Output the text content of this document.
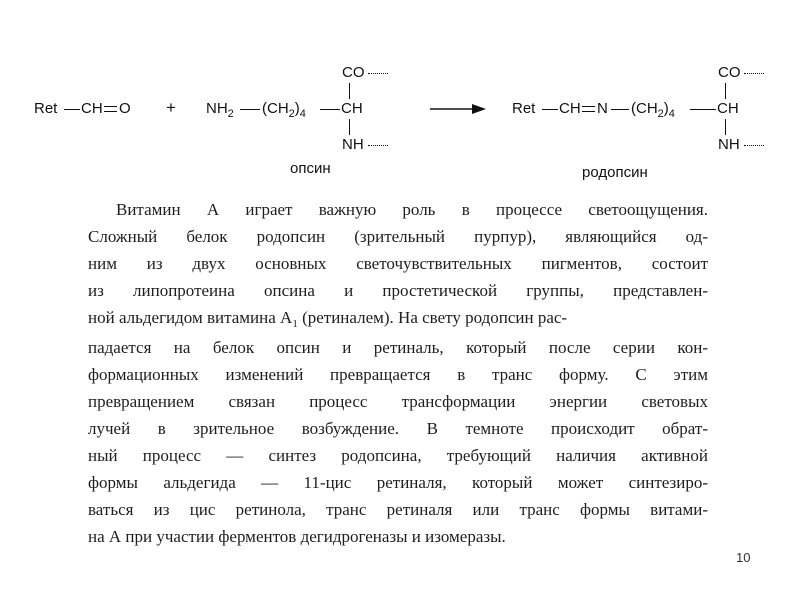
Ret CH O +
CO
$NH_2$ $(CH_2)_4$ CH
NH
опсин
CO
Ret CH N $(CH_2)_4$	CH
NH
родопсин
Витамин А играет важную роль в процессе светоощущения.
Сложный белок родопсин (зрительный пурпур), являющийся од-
ним из двух основных светочувствительных пигментов, состоит
из липопротеина опсина и простетической группы, представлен-
ной альдегидом витамина $А_1$ (ретиналем). На свету родопсин рас-
падается на белок опсин и ретиналь, который после серии кон-
формационных изменений превращается в транс форму. С этим
превращением связан процесс трансформации энергии световых
лучей в зрительное возбуждение. В темноте происходит обрат-
ный процесс — синтез родопсина, требующий наличия активной
формы альдегида — 11-цис ретиналя, который может синтезиро-
ваться из цис ретинола, транс ретиналя или транс формы витами-
на А при участии ферментов дегидрогеназы и изомеразы.
10
